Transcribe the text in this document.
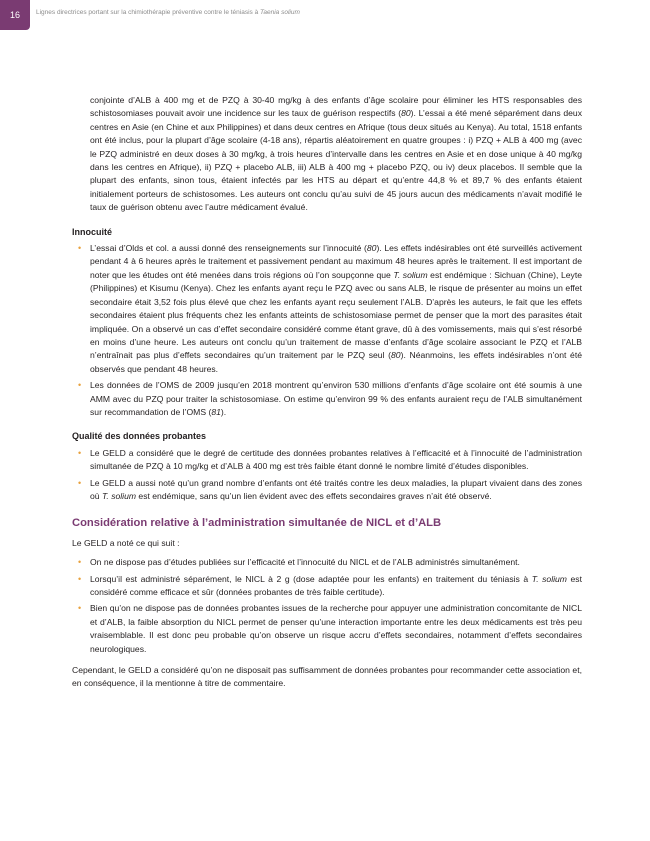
16 Lignes directrices portant sur la chimiothérapie préventive contre le téniasis à Taenia solium

conjointe d’ALB à 400 mg et de PZQ à 30-40 mg/kg à des enfants d’âge scolaire pour éliminer les HTS responsables des schistosomiases pouvait avoir une incidence sur les taux de guérison respectifs (80). L’essai a été mené séparément dans deux centres en Asie (en Chine et aux Philippines) et dans deux centres en Afrique (tous deux situés au Kenya). Au total, 1518 enfants ont été inclus, pour la plupart d’âge scolaire (4-18 ans), répartis aléatoirement en quatre groupes : i) PZQ + ALB à 400 mg (avec le PZQ administré en deux doses à 30 mg/kg, à trois heures d’intervalle dans les centres en Asie et en dose unique à 40 mg/kg dans les centres en Afrique), ii) PZQ + placebo ALB, iii) ALB à 400 mg + placebo PZQ, ou iv) deux placebos. Il semble que la plupart des enfants, sinon tous, étaient infectés par les HTS au départ et qu’entre 44,8 % et 89,7 % des enfants étaient initialement porteurs de schistosomes. Les auteurs ont conclu qu’au suivi de 45 jours aucun des médicaments n’avait modifié le taux de guérison obtenu avec l’autre médicament évalué.

Innocuité
• L’essai d’Olds et col. a aussi donné des renseignements sur l’innocuité (80). Les effets indésirables ont été surveillés activement pendant 4 à 6 heures après le traitement et passivement pendant au maximum 48 heures après le traitement. Il est important de noter que les études ont été menées dans trois régions où l’on soupçonne que T. solium est endémique : Sichuan (Chine), Leyte (Philippines) et Kisumu (Kenya). Chez les enfants ayant reçu le PZQ avec ou sans ALB, le risque de présenter au moins un effet secondaire était 3,52 fois plus élevé que chez les enfants ayant reçu seulement l’ALB. D’après les auteurs, le fait que les effets secondaires étaient plus fréquents chez les enfants atteints de schistosomiase permet de penser que la mort des parasites était impliquée. On a observé un cas d’effet secondaire considéré comme étant grave, dû à des vomissements, mais qui s’est résorbé en moins d’une heure. Les auteurs ont conclu qu’un traitement de masse d’enfants d’âge scolaire associant le PZQ et l’ALB n’entraînait pas plus d’effets secondaires qu’un traitement par le PZQ seul (80). Néanmoins, les effets indésirables n’ont été observés que pendant 48 heures.
• Les données de l’OMS de 2009 jusqu’en 2018 montrent qu’environ 530 millions d’enfants d’âge scolaire ont été soumis à une AMM avec du PZQ pour traiter la schistosomiase. On estime qu’environ 99 % des enfants auraient reçu de l’ALB simultanément sur recommandation de l’OMS (81).
Qualité des données probantes
• Le GELD a considéré que le degré de certitude des données probantes relatives à l’efficacité et à l’innocuité de l’administration simultanée de PZQ à 10 mg/kg et d’ALB à 400 mg est très faible étant donné le nombre limité d’études disponibles.
• Le GELD a aussi noté qu’un grand nombre d’enfants ont été traités contre les deux maladies, la plupart vivaient dans des zones où T. solium est endémique, sans qu’un lien évident avec des effets secondaires graves n’ait été observé.
Considération relative à l’administration simultanée de NICL et d’ALB

Le GELD a noté ce qui suit :

• On ne dispose pas d’études publiées sur l’efficacité et l’innocuité du NICL et de l’ALB administrés simultanément.
• Lorsqu’il est administré séparément, le NICL à 2 g (dose adaptée pour les enfants) en traitement du téniasis à T. solium est considéré comme efficace et sûr (données probantes de très faible certitude).
• Bien qu’on ne dispose pas de données probantes issues de la recherche pour appuyer une administration concomitante de NICL et d’ALB, la faible absorption du NICL permet de penser qu’une interaction importante entre les deux médicaments est très peu vraisemblable. Il est donc peu probable qu’on observe un risque accru d’effets secondaires, notamment d’effets secondaires neurologiques.

Cependant, le GELD a considéré qu’on ne disposait pas suffisamment de données probantes pour recommander cette association et, en conséquence, il la mentionne à titre de commentaire.
